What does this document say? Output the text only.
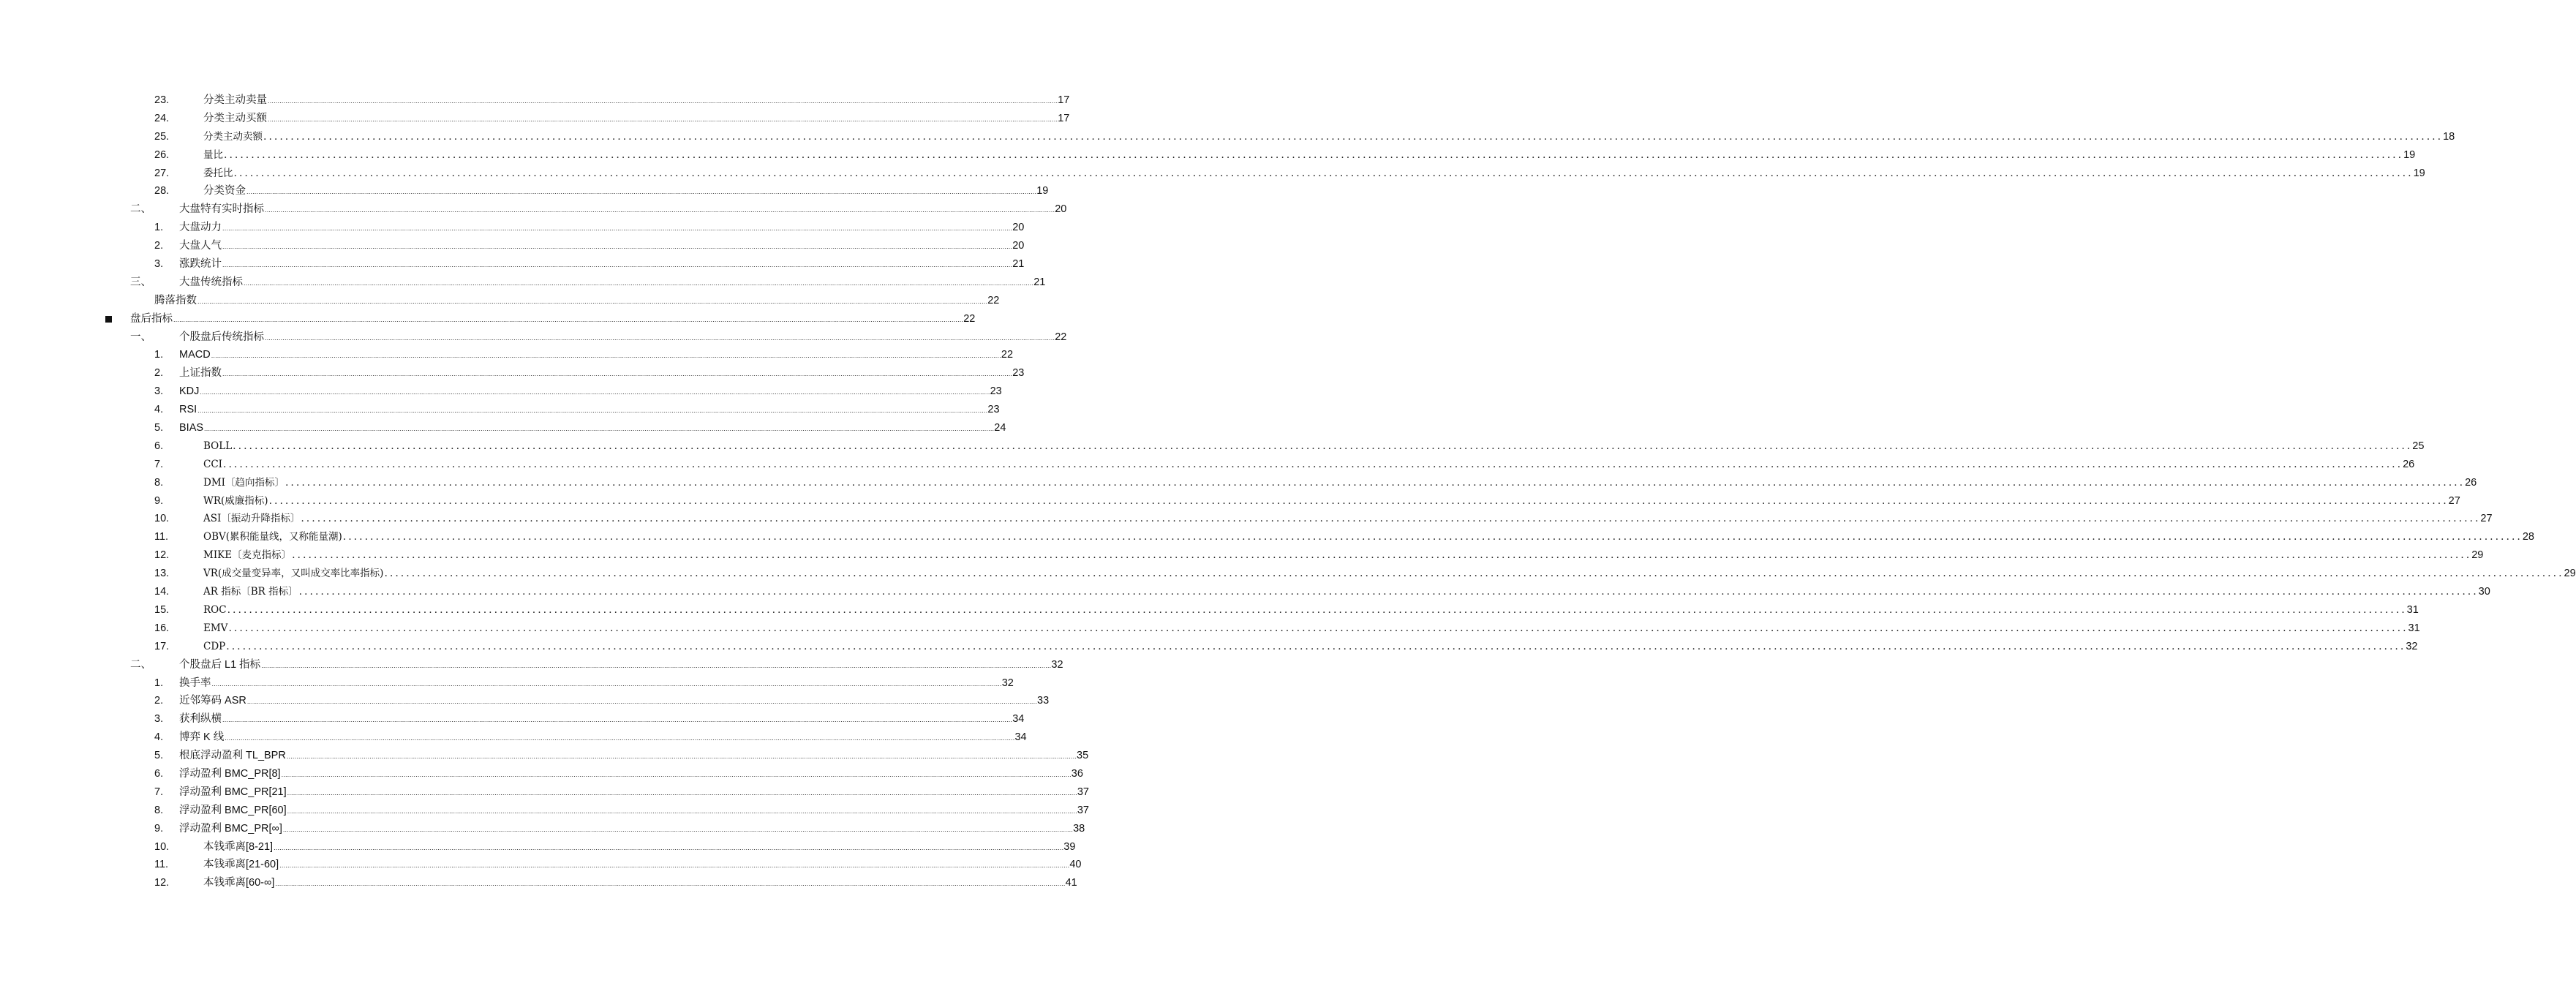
23.	分类主动卖量 ................................................................................................................................................................................................................................................................................................................................................................................................................ 17
24.	分类主动买额 ................................................................................................................................................................................................................................................................................................................................................................................................................ 17
25.	分类主动卖额 ................................................................................................................................................................................................................................................................................................................................................................................................................ 18
26.	量比 ................................................................................................................................................................................................................................................................................................................................................................................................................ 19
27.	委托比 ................................................................................................................................................................................................................................................................................................................................................................................................................ 19
28.	分类资金 ................................................................................................................................................................................................................................................................................................................................................................................................................ 19
二、	大盘特有实时指标 ................................................................................................................................................................................................................................................................................................................................................................................................................ 20
1. 大盘动力 ................................................................................................................................................................................................................................................................................................................................................................................................................ 20
2. 大盘人气 ................................................................................................................................................................................................................................................................................................................................................................................................................ 20
3. 涨跌统计 ................................................................................................................................................................................................................................................................................................................................................................................................................ 21
三、	大盘传统指标 ................................................................................................................................................................................................................................................................................................................................................................................................................ 21
腾落指数 ................................................................................................................................................................................................................................................................................................................................................................................................................ 22
盘后指标 ................................................................................................................................................................................................................................................................................................................................................................................................................ 22
一、	个股盘后传统指标 ................................................................................................................................................................................................................................................................................................................................................................................................................ 22
1. MACD ................................................................................................................................................................................................................................................................................................................................................................................................................ 22
2. 上证指数 ................................................................................................................................................................................................................................................................................................................................................................................................................ 23
3. KDJ ................................................................................................................................................................................................................................................................................................................................................................................................................ 23
4. RSI ................................................................................................................................................................................................................................................................................................................................................................................................................ 23
5. BIAS ................................................................................................................................................................................................................................................................................................................................................................................................................ 24
6.	BOLL ................................................................................................................................................................................................................................................................................................................................................................................................................ 25
7.	CCI ................................................................................................................................................................................................................................................................................................................................................................................................................ 26
8.	DMI〔趋向指标〕 ................................................................................................................................................................................................................................................................................................................................................................................................................ 26
9.	WR(威廉指标) ................................................................................................................................................................................................................................................................................................................................................................................................................ 27
10.	ASI〔振动升降指标〕 ................................................................................................................................................................................................................................................................................................................................................................................................................ 27
11.	OBV(累积能量线，又称能量潮) ................................................................................................................................................................................................................................................................................................................................................................................................................ 28
12.	MIKE〔麦克指标〕 ................................................................................................................................................................................................................................................................................................................................................................................................................ 29
13.	VR(成交量变异率，又叫成交率比率指标) ................................................................................................................................................................................................................................................................................................................................................................................................................ 29
14.	AR 指标〔BR 指标〕 ................................................................................................................................................................................................................................................................................................................................................................................................................ 30
15.	ROC ................................................................................................................................................................................................................................................................................................................................................................................................................ 31
16.	EMV ................................................................................................................................................................................................................................................................................................................................................................................................................ 31
17.	CDP ................................................................................................................................................................................................................................................................................................................................................................................................................ 32
二、	个股盘后 L1 指标 ................................................................................................................................................................................................................................................................................................................................................................................................................ 32
1. 换手率 ................................................................................................................................................................................................................................................................................................................................................................................................................ 32
2. 近邻筹码 ASR ................................................................................................................................................................................................................................................................................................................................................................................................................ 33
3. 获利纵横 ................................................................................................................................................................................................................................................................................................................................................................................................................ 34
4. 博弈 K 线 ................................................................................................................................................................................................................................................................................................................................................................................................................ 34
5. 根底浮动盈利 TL_BPR ................................................................................................................................................................................................................................................................................................................................................................................................................ 35
6. 浮动盈利 BMC_PR[8] ................................................................................................................................................................................................................................................................................................................................................................................................................ 36
7. 浮动盈利 BMC_PR[21] ................................................................................................................................................................................................................................................................................................................................................................................................................ 37
8. 浮动盈利 BMC_PR[60] ................................................................................................................................................................................................................................................................................................................................................................................................................ 37
9. 浮动盈利 BMC_PR[∞] ................................................................................................................................................................................................................................................................................................................................................................................................................ 38
10.	本钱乖离[8-21] ................................................................................................................................................................................................................................................................................................................................................................................................................ 39
11.	本钱乖离[21-60] ................................................................................................................................................................................................................................................................................................................................................................................................................ 40
12.	本钱乖离[60-∞] ................................................................................................................................................................................................................................................................................................................................................................................................................ 41
